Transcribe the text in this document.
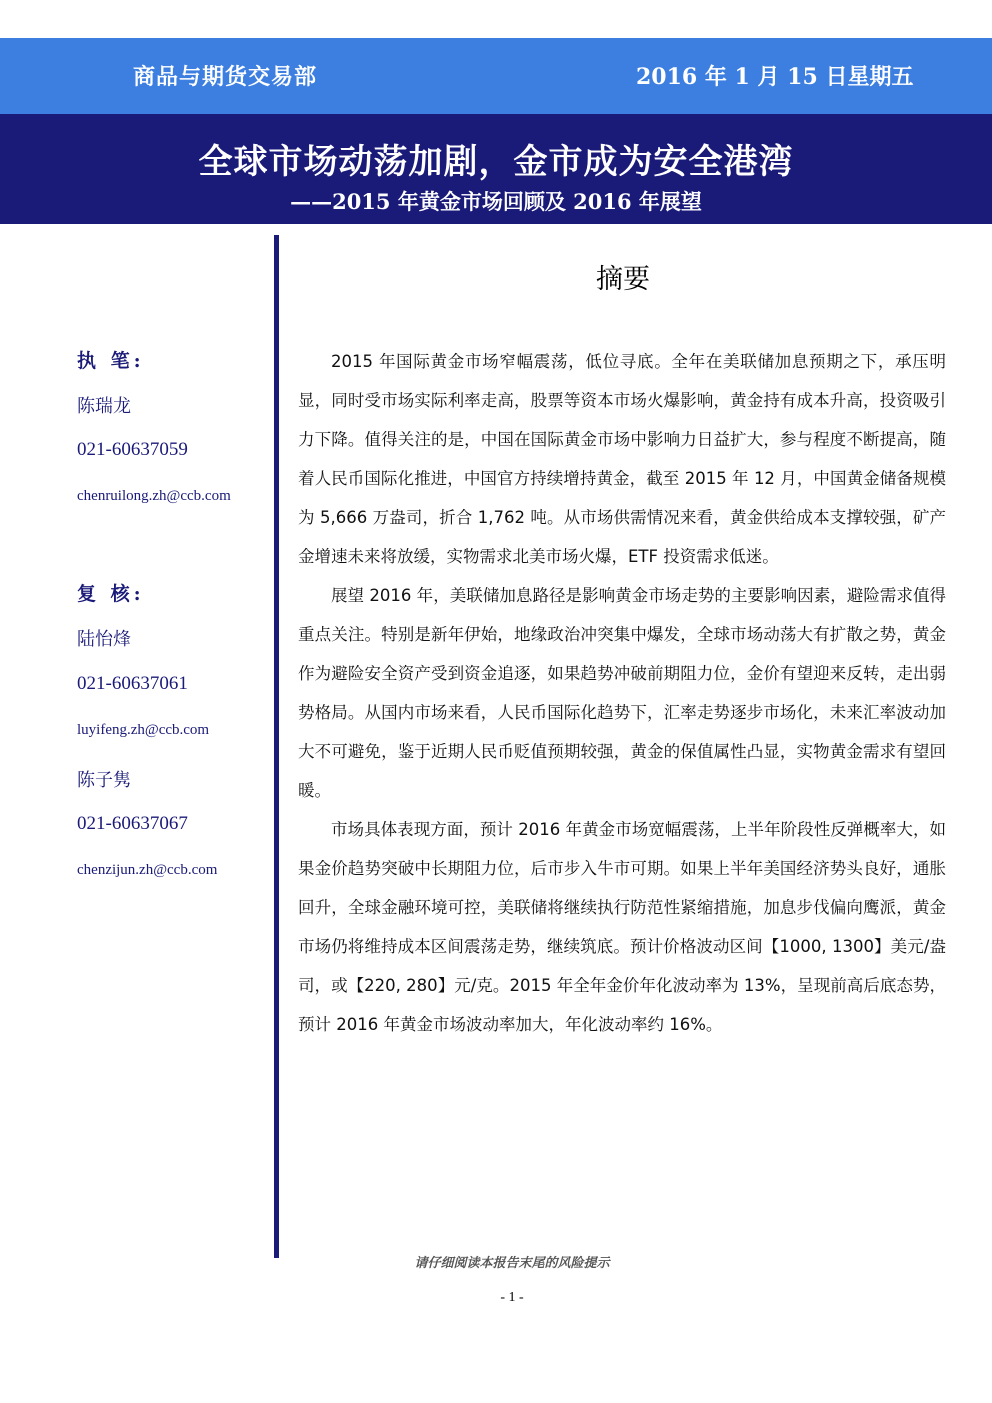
商品与期货交易部	2016 年 1 月 15 日星期五
全球市场动荡加剧，金市成为安全港湾
——2015 年黄金市场回顾及 2016 年展望
执 笔:
陈瑞龙
021-60637059
chenruilong.zh@ccb.com
复 核:
陆怡烽
021-60637061
luyifeng.zh@ccb.com
陈子隽
021-60637067
chenzijun.zh@ccb.com
摘要

2015 年国际黄金市场窄幅震荡，低位寻底。全年在美联储加息预期之下，承压明显，同时受市场实际利率走高，股票等资本市场火爆影响，黄金持有成本升高，投资吸引力下降。值得关注的是，中国在国际黄金市场中影响力日益扩大，参与程度不断提高，随着人民币国际化推进，中国官方持续增持黄金，截至 2015 年 12 月，中国黄金储备规模为 5,666 万盎司，折合 1,762 吨。从市场供需情况来看，黄金供给成本支撑较强，矿产金增速未来将放缓，实物需求北美市场火爆，ETF 投资需求低迷。

展望 2016 年，美联储加息路径是影响黄金市场走势的主要影响因素，避险需求值得重点关注。特别是新年伊始，地缘政治冲突集中爆发，全球市场动荡大有扩散之势，黄金作为避险安全资产受到资金追逐，如果趋势冲破前期阻力位，金价有望迎来反转，走出弱势格局。从国内市场来看，人民币国际化趋势下，汇率走势逐步市场化，未来汇率波动加大不可避免，鉴于近期人民币贬值预期较强，黄金的保值属性凸显，实物黄金需求有望回暖。

市场具体表现方面，预计 2016 年黄金市场宽幅震荡，上半年阶段性反弹概率大，如果金价趋势突破中长期阻力位，后市步入牛市可期。如果上半年美国经济势头良好，通胀回升，全球金融环境可控，美联储将继续执行防范性紧缩措施，加息步伐偏向鹰派，黄金市场仍将维持成本区间震荡走势，继续筑底。预计价格波动区间【1000, 1300】美元/盎司，或【220, 280】元/克。2015 年全年金价年化波动率为 13%，呈现前高后底态势，预计 2016 年黄金市场波动率加大，年化波动率约 16%。

请仔细阅读本报告末尾的风险提示
- 1 -
